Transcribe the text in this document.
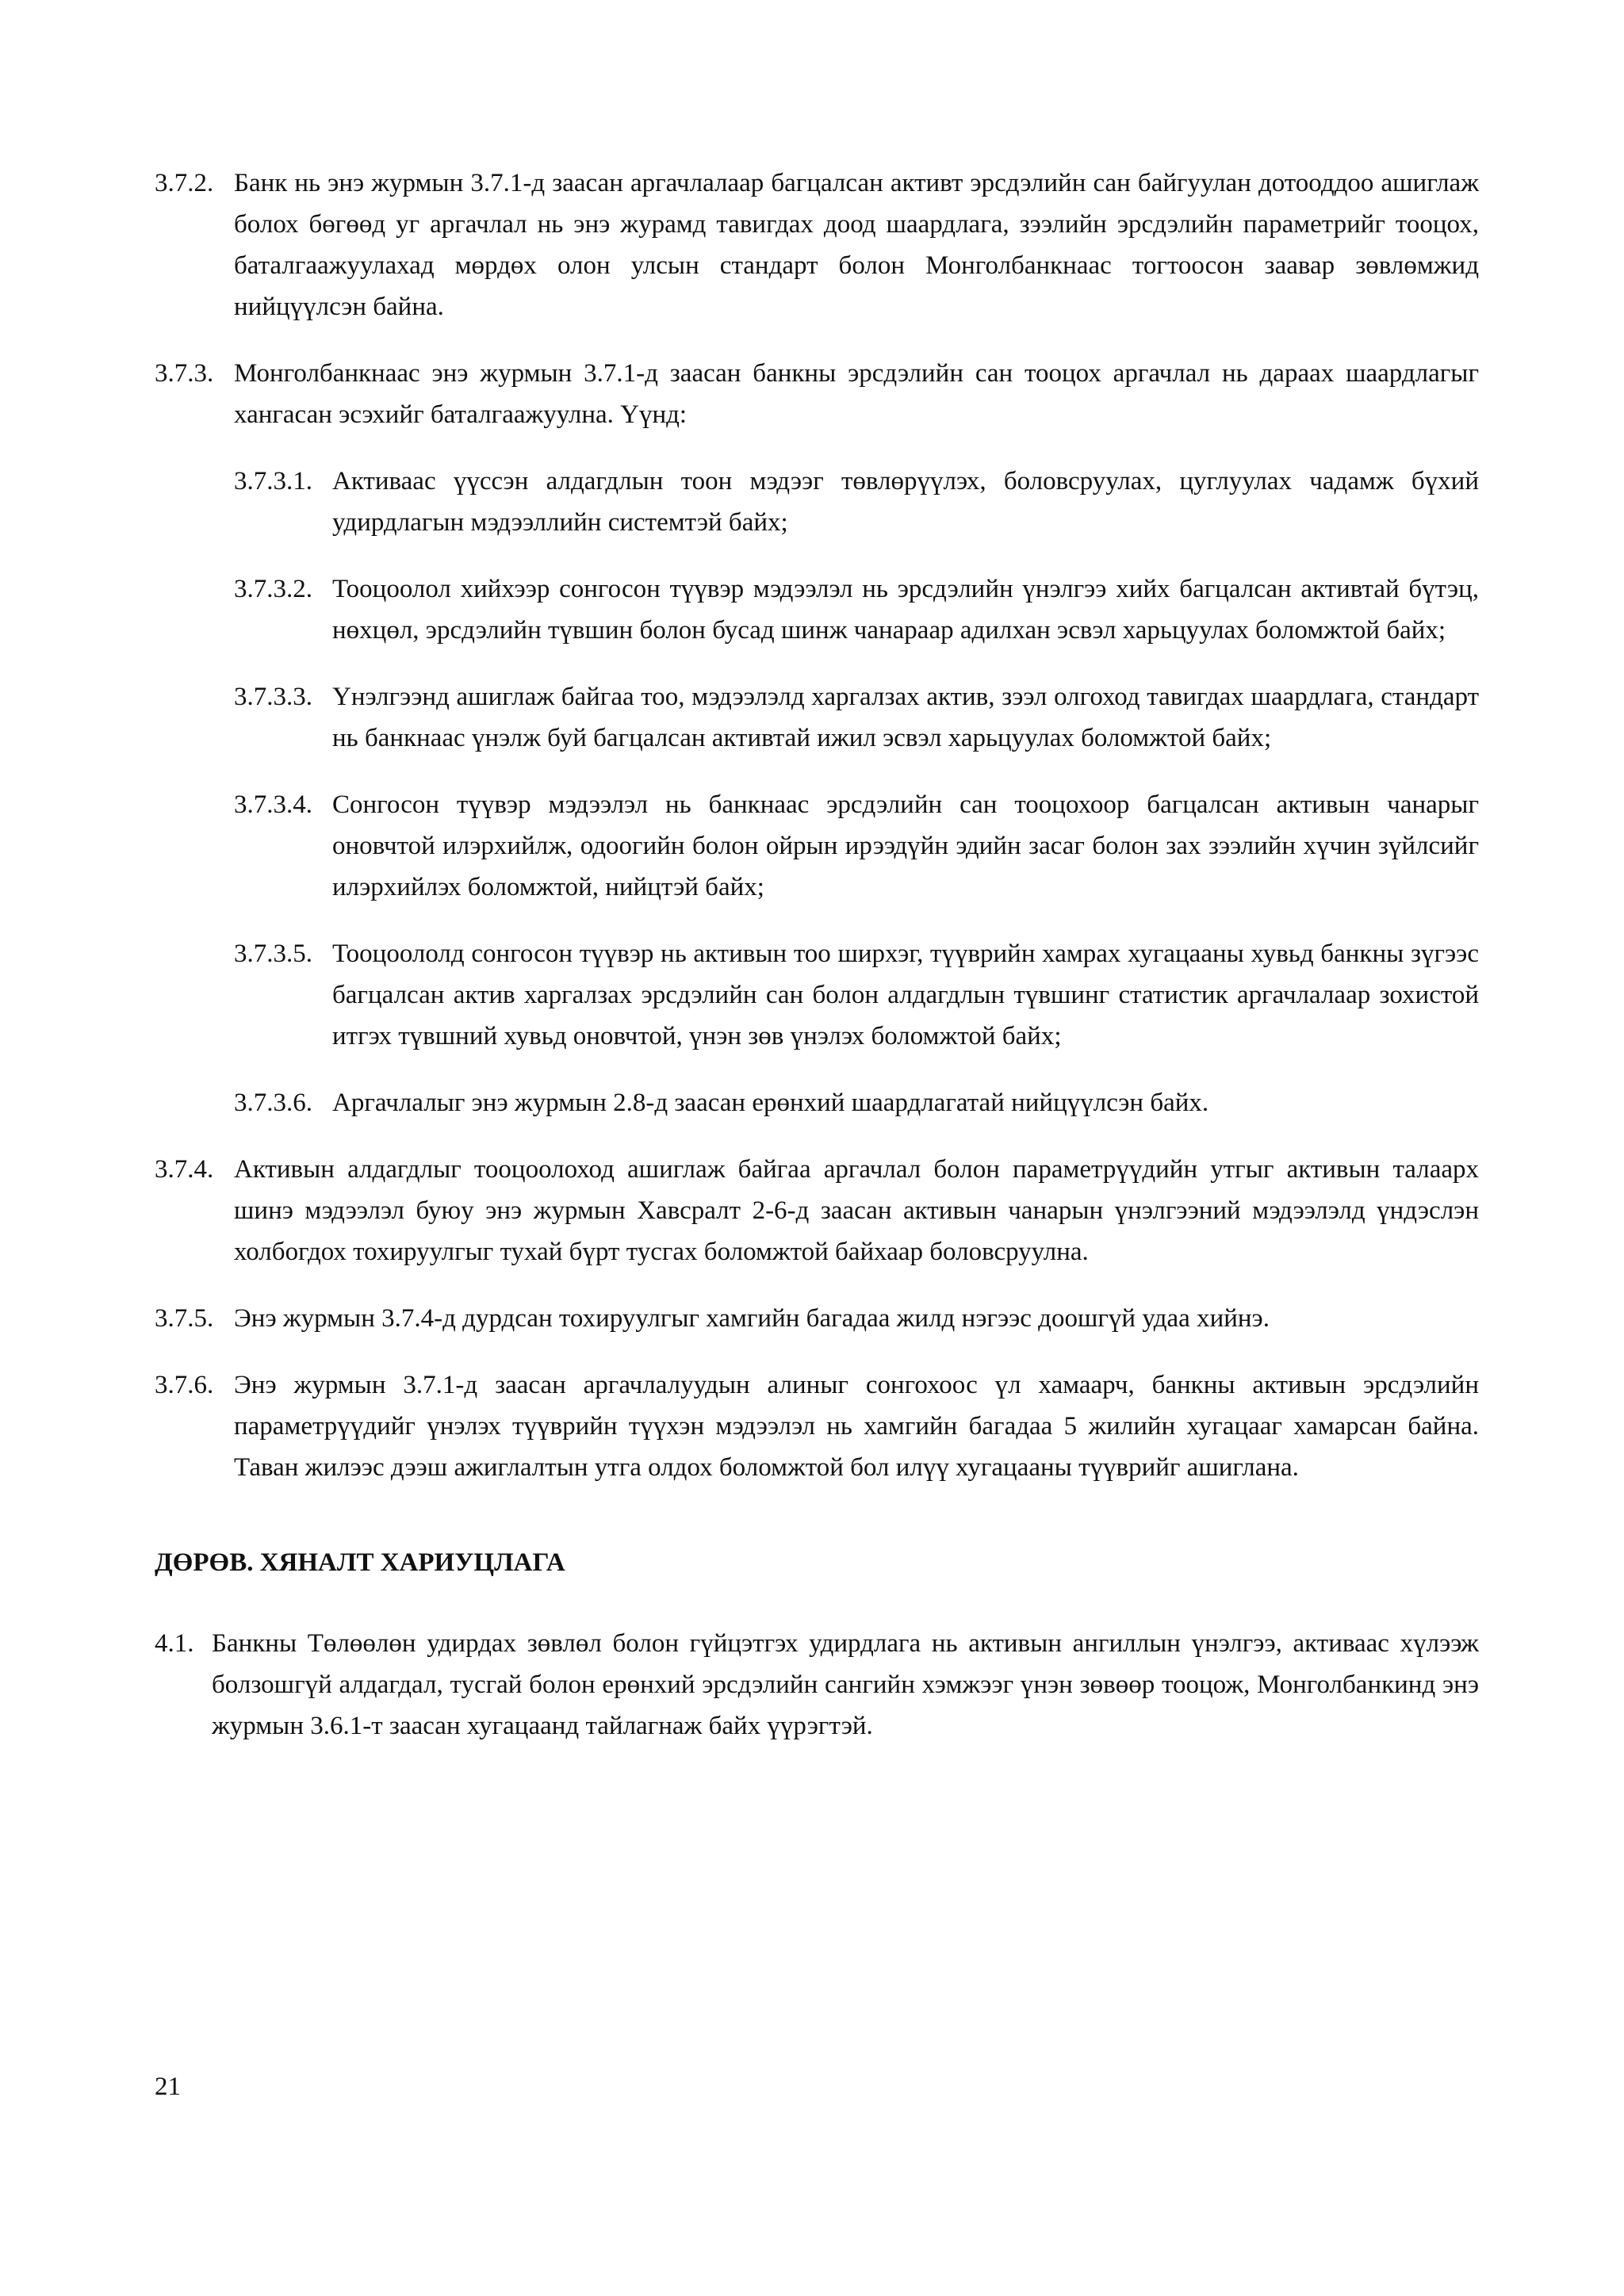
3.7.2. Банк нь энэ журмын 3.7.1-д заасан аргачлалаар багцалсан активт эрсдэлийн сан байгуулан дотооддоо ашиглаж болох бөгөөд уг аргачлал нь энэ журамд тавигдах доод шаардлага, зээлийн эрсдэлийн параметрийг тооцох, баталгаажуулахад мөрдөх олон улсын стандарт болон Монголбанкнаас тогтоосон заавар зөвлөмжид нийцүүлсэн байна.
3.7.3. Монголбанкнаас энэ журмын 3.7.1-д заасан банкны эрсдэлийн сан тооцох аргачлал нь дараах шаардлагыг хангасан эсэхийг баталгаажуулна. Үүнд:
3.7.3.1. Активаас үүссэн алдагдлын тоон мэдээг төвлөрүүлэх, боловсруулах, цуглуулах чадамж бүхий удирдлагын мэдээллийн системтэй байх;
3.7.3.2. Тооцоолол хийхээр сонгосон түүвэр мэдээлэл нь эрсдэлийн үнэлгээ хийх багцалсан активтай бүтэц, нөхцөл, эрсдэлийн түвшин болон бусад шинж чанараар адилхан эсвэл харьцуулах боломжтой байх;
3.7.3.3. Үнэлгээнд ашиглаж байгаа тоо, мэдээлэлд харгалзах актив, зээл олгоход тавигдах шаардлага, стандарт нь банкнаас үнэлж буй багцалсан активтай ижил эсвэл харьцуулах боломжтой байх;
3.7.3.4. Сонгосон түүвэр мэдээлэл нь банкнаас эрсдэлийн сан тооцохоор багцалсан активын чанарыг оновчтой илэрхийлж, одоогийн болон ойрын ирээдүйн эдийн засаг болон зах зээлийн хүчин зүйлсийг илэрхийлэх боломжтой, нийцтэй байх;
3.7.3.5. Тооцоололд сонгосон түүвэр нь активын тоо ширхэг, түүврийн хамрах хугацааны хувьд банкны зүгээс багцалсан актив харгалзах эрсдэлийн сан болон алдагдлын түвшинг статистик аргачлалаар зохистой итгэх түвшний хувьд оновчтой, үнэн зөв үнэлэх боломжтой байх;
3.7.3.6. Аргачлалыг энэ журмын 2.8-д заасан ерөнхий шаардлагатай нийцүүлсэн байх.
3.7.4. Активын алдагдлыг тооцоолоход ашиглаж байгаа аргачлал болон параметрүүдийн утгыг активын талаарх шинэ мэдээлэл буюу энэ журмын Хавсралт 2-6-д заасан активын чанарын үнэлгээний мэдээлэлд үндэслэн холбогдох тохируулгыг тухай бүрт тусгах боломжтой байхаар боловсруулна.
3.7.5. Энэ журмын 3.7.4-д дурдсан тохируулгыг хамгийн багадаа жилд нэгээс доошгүй удаа хийнэ.
3.7.6. Энэ журмын 3.7.1-д заасан аргачлалуудын алиныг сонгохоос үл хамаарч, банкны активын эрсдэлийн параметрүүдийг үнэлэх түүврийн түүхэн мэдээлэл нь хамгийн багадаа 5 жилийн хугацааг хамарсан байна. Таван жилээс дээш ажиглалтын утга олдох боломжтой бол илүү хугацааны түүврийг ашиглана.
ДӨРӨВ. ХЯНАЛТ ХАРИУЦЛАГА
4.1. Банкны Төлөөлөн удирдах зөвлөл болон гүйцэтгэх удирдлага нь активын ангиллын үнэлгээ, активаас хүлээж болзошгүй алдагдал, тусгай болон ерөнхий эрсдэлийн сангийн хэмжээг үнэн зөвөөр тооцож, Монголбанкинд энэ журмын 3.6.1-т заасан хугацаанд тайлагнаж байх үүрэгтэй.
21
